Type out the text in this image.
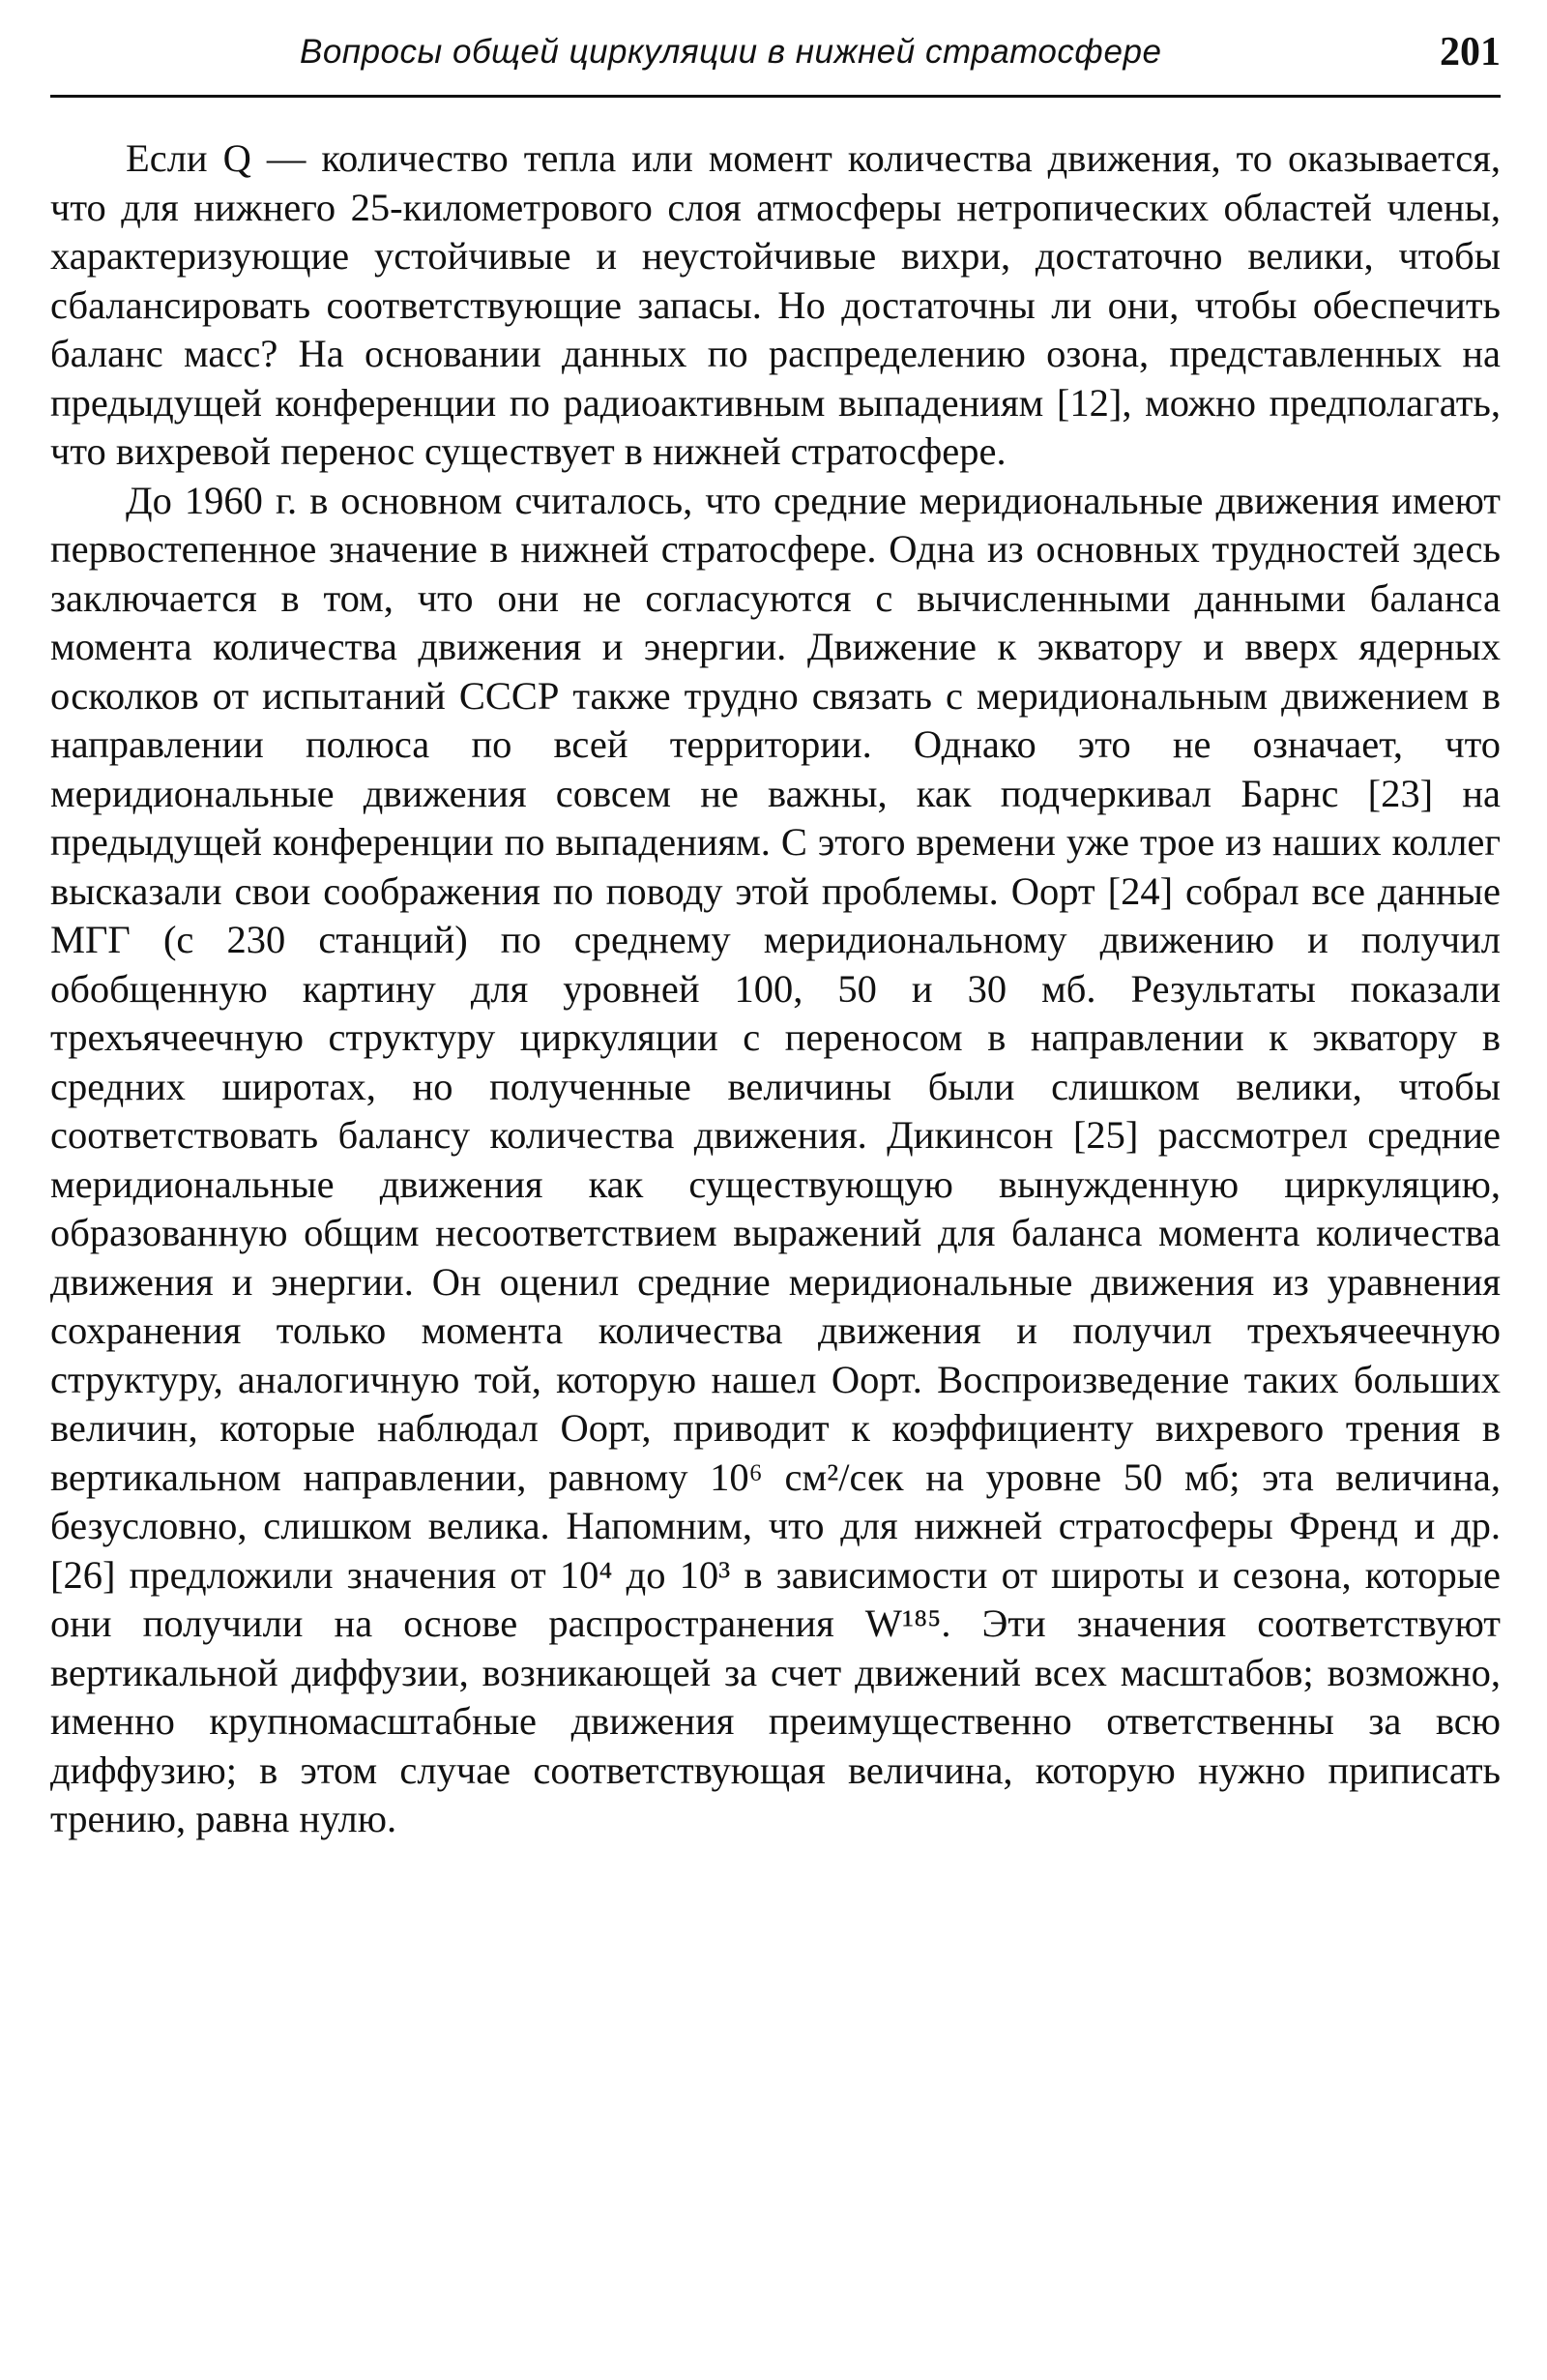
Вопросы общей циркуляции в нижней стратосфере	201

Если Q — количество тепла или момент количества движения, то оказывается, что для нижнего 25-километрового слоя атмосферы нетропических областей члены, характеризующие устойчивые и неустойчивые вихри, достаточно велики, чтобы сбалансировать соответствующие запасы. Но достаточны ли они, чтобы обеспечить баланс масс? На основании данных по распределению озона, представленных на предыдущей конференции по радиоактивным выпадениям [12], можно предполагать, что вихревой перенос существует в нижней стратосфере.

До 1960 г. в основном считалось, что средние меридиональные движения имеют первостепенное значение в нижней стратосфере. Одна из основных трудностей здесь заключается в том, что они не согласуются с вычисленными данными баланса момента количества движения и энергии. Движение к экватору и вверх ядерных осколков от испытаний СССР также трудно связать с меридиональным движением в направлении полюса по всей территории. Однако это не означает, что меридиональные движения совсем не важны, как подчеркивал Барнс [23] на предыдущей конференции по выпадениям. С этого времени уже трое из наших коллег высказали свои соображения по поводу этой проблемы. Оорт [24] собрал все данные МГГ (с 230 станций) по среднему меридиональному движению и получил обобщенную картину для уровней 100, 50 и 30 мб. Результаты показали трехъячеечную структуру циркуляции с переносом в направлении к экватору в средних широтах, но полученные величины были слишком велики, чтобы соответствовать балансу количества движения. Дикинсон [25] рассмотрел средние меридиональные движения как существующую вынужденную циркуляцию, образованную общим несоответствием выражений для баланса момента количества движения и энергии. Он оценил средние меридиональные движения из уравнения сохранения только момента количества движения и получил трехъячеечную структуру, аналогичную той, которую нашел Оорт. Воспроизведение таких больших величин, которые наблюдал Оорт, приводит к коэффициенту вихревого трения в вертикальном направлении, равному 10⁶ см²/сек на уровне 50 мб; эта величина, безусловно, слишком велика. Напомним, что для нижней стратосферы Френд и др. [26] предложили значения от 10⁴ до 10³ в зависимости от широты и сезона, которые они получили на основе распространения W¹⁸⁵. Эти значения соответствуют вертикальной диффузии, возникающей за счет движений всех масштабов; возможно, именно крупномасштабные движения преимущественно ответственны за всю диффузию; в этом случае соответствующая величина, которую нужно приписать трению, равна нулю.
